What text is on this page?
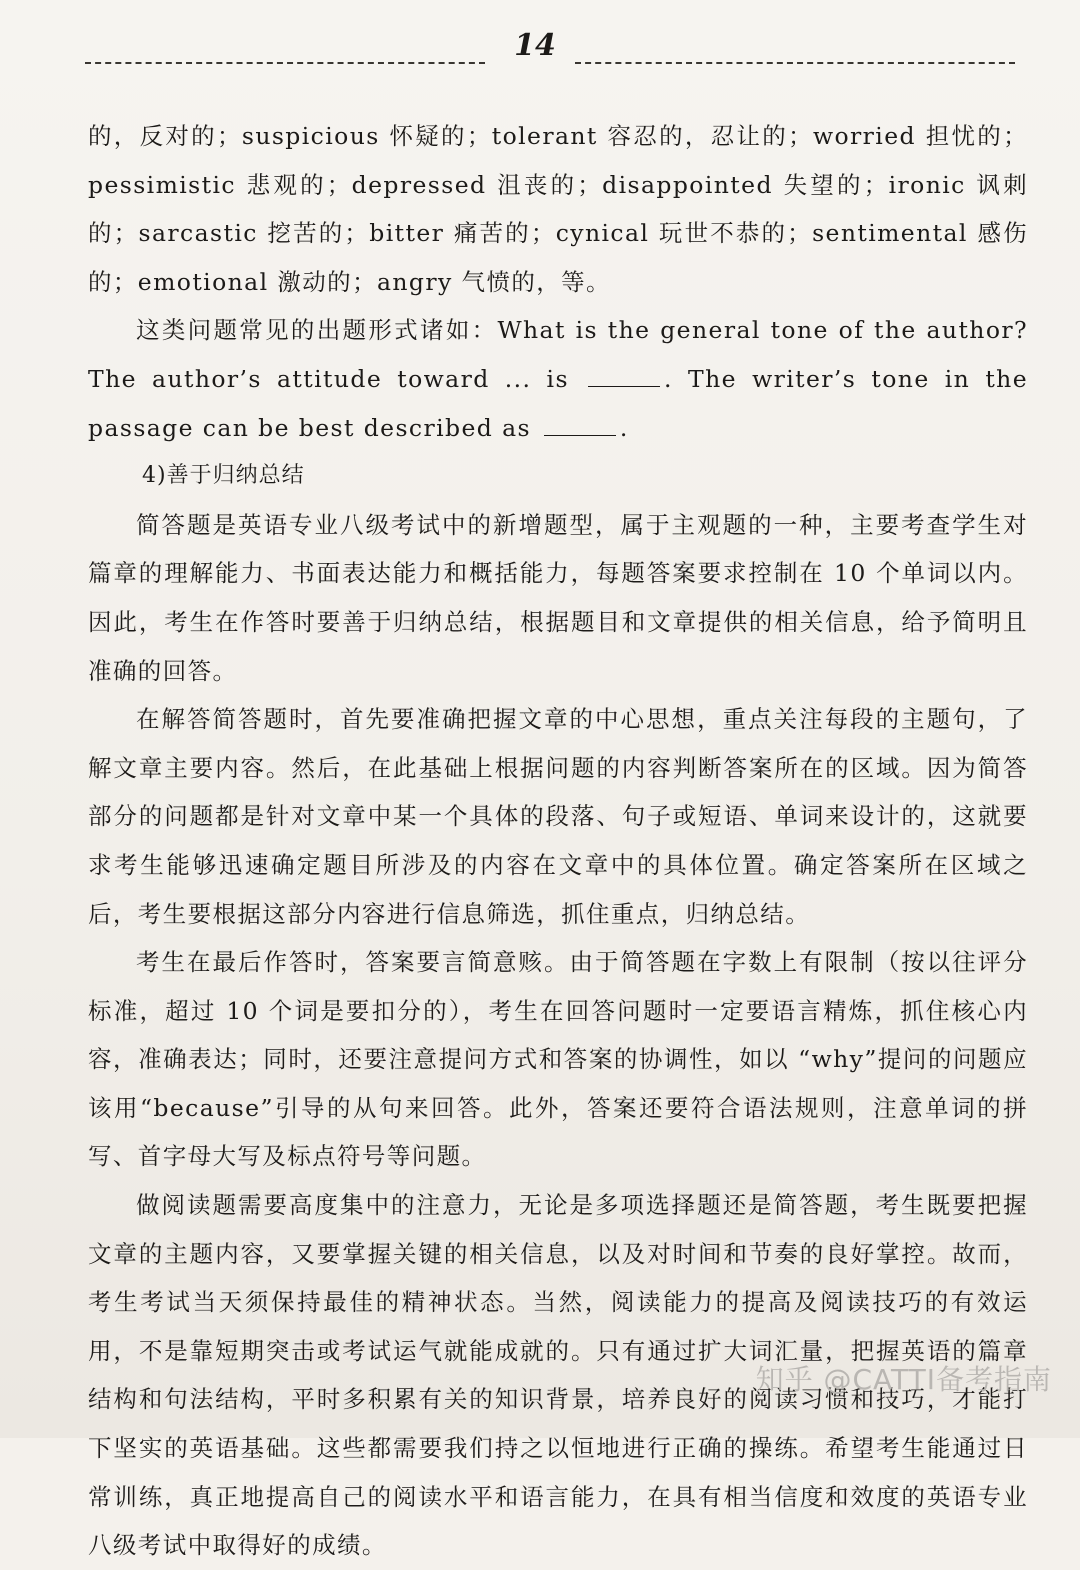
14

的，反对的；suspicious 怀疑的；tolerant 容忍的，忍让的；worried 担忧的；pessimistic 悲观的；depressed 沮丧的；disappointed 失望的；ironic 讽刺的；sarcastic 挖苦的；bitter 痛苦的；cynical 玩世不恭的；sentimental 感伤的；emotional 激动的；angry 气愤的，等。

这类问题常见的出题形式诸如：What is the general tone of the author? The author’s attitude toward ... is	. The writer’s tone in the passage can be best described as	.

4)善于归纳总结

简答题是英语专业八级考试中的新增题型，属于主观题的一种，主要考查学生对篇章的理解能力、书面表达能力和概括能力，每题答案要求控制在 10 个单词以内。因此，考生在作答时要善于归纳总结，根据题目和文章提供的相关信息，给予简明且准确的回答。

在解答简答题时，首先要准确把握文章的中心思想，重点关注每段的主题句，了解文章主要内容。然后，在此基础上根据问题的内容判断答案所在的区域。因为简答部分的问题都是针对文章中某一个具体的段落、句子或短语、单词来设计的，这就要求考生能够迅速确定题目所涉及的内容在文章中的具体位置。确定答案所在区域之后，考生要根据这部分内容进行信息筛选，抓住重点，归纳总结。

考生在最后作答时，答案要言简意赅。由于简答题在字数上有限制（按以往评分标准，超过 10 个词是要扣分的），考生在回答问题时一定要语言精炼，抓住核心内容，准确表达；同时，还要注意提问方式和答案的协调性，如以 “why”提问的问题应该用“because”引导的从句来回答。此外，答案还要符合语法规则，注意单词的拼写、首字母大写及标点符号等问题。

做阅读题需要高度集中的注意力，无论是多项选择题还是简答题，考生既要把握文章的主题内容，又要掌握关键的相关信息，以及对时间和节奏的良好掌控。故而，考生考试当天须保持最佳的精神状态。当然，阅读能力的提高及阅读技巧的有效运用，不是靠短期突击或考试运气就能成就的。只有通过扩大词汇量，把握英语的篇章结构和句法结构，平时多积累有关的知识背景，培养良好的阅读习惯和技巧，才能打下坚实的英语基础。这些都需要我们持之以恒地进行正确的操练。希望考生能通过日常训练，真正地提高自己的阅读水平和语言能力，在具有相当信度和效度的英语专业八级考试中取得好的成绩。

知乎 @CATTI备考指南
